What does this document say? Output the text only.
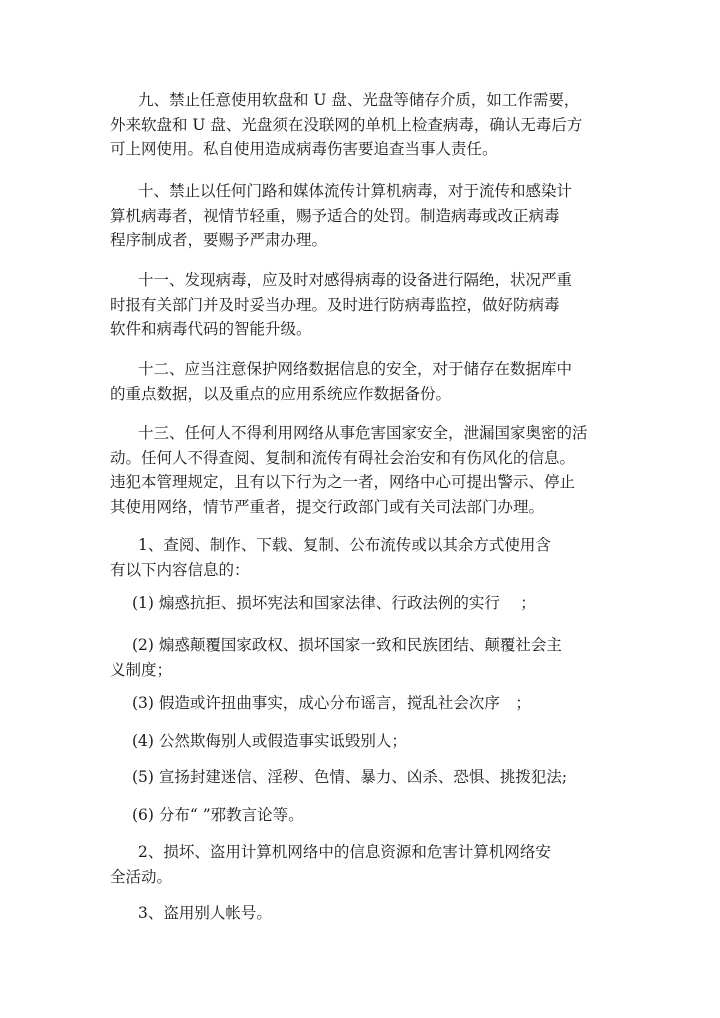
九、禁止任意使用软盘和 U 盘、光盘等储存介质，如工作需要，
外来软盘和 U 盘、光盘须在没联网的单机上检查病毒，确认无毒后方
可上网使用。私自使用造成病毒伤害要追查当事人责任。
十、禁止以任何门路和媒体流传计算机病毒，对于流传和感染计
算机病毒者，视情节轻重，赐予适合的处罚。制造病毒或改正病毒
程序制成者，要赐予严肃办理。
十一、发现病毒，应及时对感得病毒的设备进行隔绝，状况严重
时报有关部门并及时妥当办理。及时进行防病毒监控，做好防病毒
软件和病毒代码的智能升级。
十二、应当注意保护网络数据信息的安全，对于储存在数据库中
的重点数据，以及重点的应用系统应作数据备份。
十三、任何人不得利用网络从事危害国家安全，泄漏国家奥密的活
动。任何人不得查阅、复制和流传有碍社会治安和有伤风化的信息。
违犯本管理规定，且有以下行为之一者，网络中心可提出警示、停止
其使用网络，情节严重者，提交行政部门或有关司法部门办理。
1、查阅、制作、下载、复制、公布流传或以其余方式使用含
有以下内容信息的：
(1) 煽惑抗拒、损坏宪法和国家法律、行政法例的实行　 ；
(2) 煽惑颠覆国家政权、损坏国家一致和民族团结、颠覆社会主
义制度；
(3) 假造或许扭曲事实，成心分布谣言，搅乱社会次序　；
(4) 公然欺侮别人或假造事实诋毁别人；
(5) 宣扬封建迷信、淫秽、色情、暴力、凶杀、恐惧、挑拨犯法;
(6) 分布“ ”邪教言论等。
2、损坏、盗用计算机网络中的信息资源和危害计算机网络安
全活动。
3、盗用别人帐号。
